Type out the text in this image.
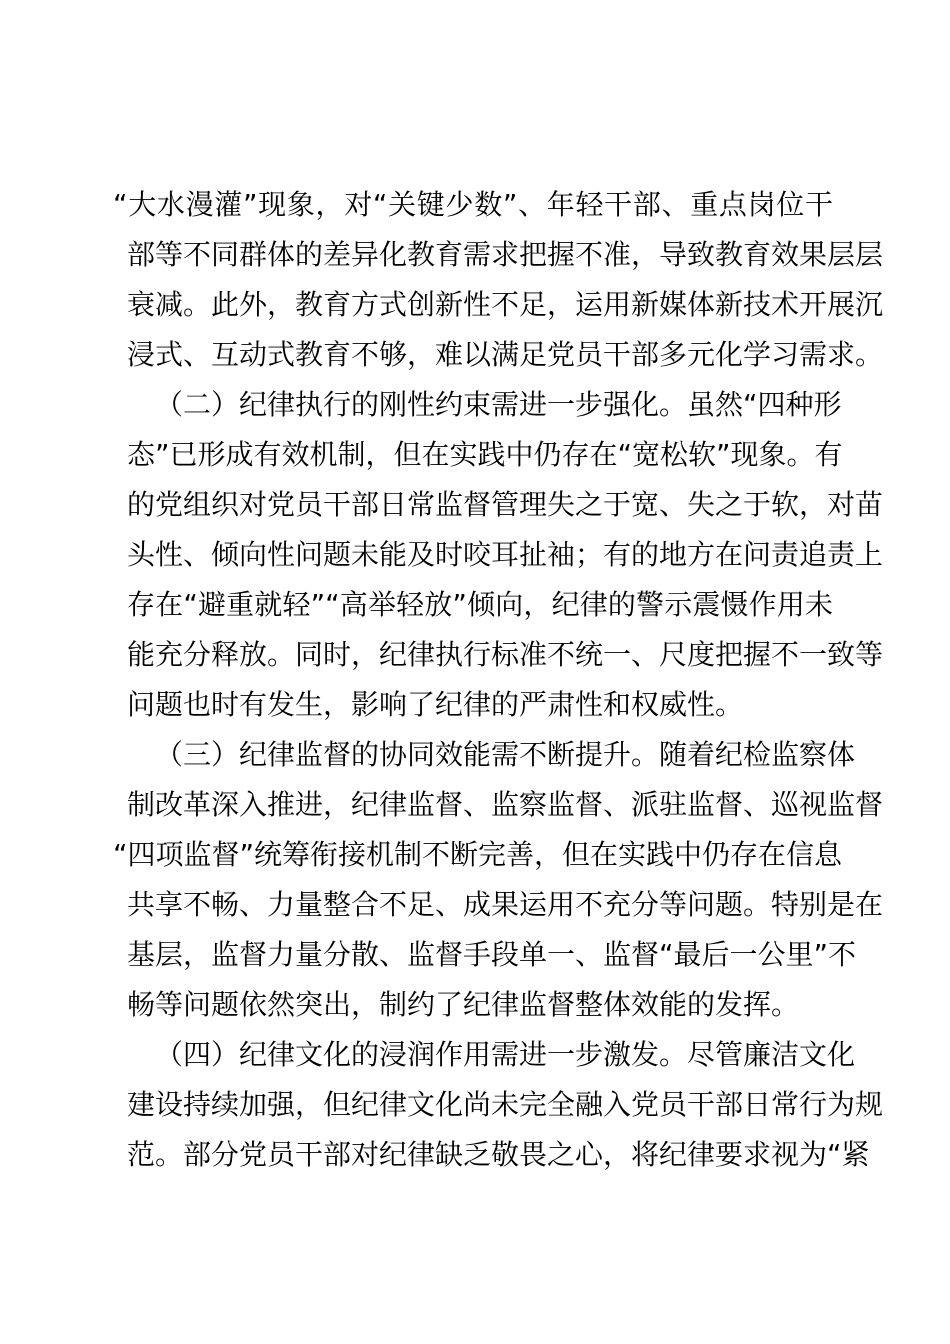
“大水漫灌”现象，对“关键少数”、年轻干部、重点岗位干
部等不同群体的差异化教育需求把握不准，导致教育效果层层
衰减。此外，教育方式创新性不足，运用新媒体新技术开展沉
浸式、互动式教育不够，难以满足党员干部多元化学习需求。
（二）纪律执行的刚性约束需进一步强化。虽然“四种形
态”已形成有效机制，但在实践中仍存在“宽松软”现象。有
的党组织对党员干部日常监督管理失之于宽、失之于软，对苗
头性、倾向性问题未能及时咬耳扯袖；有的地方在问责追责上
存在“避重就轻”“高举轻放”倾向，纪律的警示震慑作用未
能充分释放。同时，纪律执行标准不统一、尺度把握不一致等
问题也时有发生，影响了纪律的严肃性和权威性。
（三）纪律监督的协同效能需不断提升。随着纪检监察体
制改革深入推进，纪律监督、监察监督、派驻监督、巡视监督
“四项监督”统筹衔接机制不断完善，但在实践中仍存在信息
共享不畅、力量整合不足、成果运用不充分等问题。特别是在
基层，监督力量分散、监督手段单一、监督“最后一公里”不
畅等问题依然突出，制约了纪律监督整体效能的发挥。
（四）纪律文化的浸润作用需进一步激发。尽管廉洁文化
建设持续加强，但纪律文化尚未完全融入党员干部日常行为规
范。部分党员干部对纪律缺乏敬畏之心，将纪律要求视为“紧
